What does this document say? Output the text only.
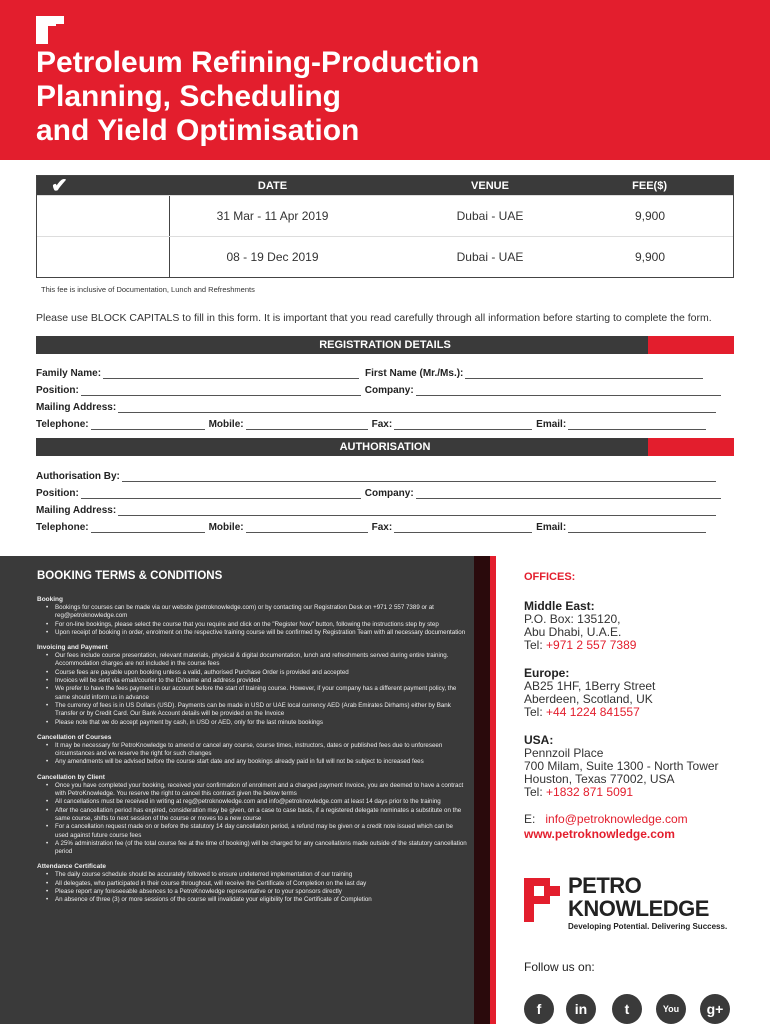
Petroleum Refining-Production
Planning, Scheduling
and Yield Optimisation
✔	DATE	VENUE	FEE($)
31 Mar - 11 Apr 2019	Dubai - UAE	9,900
08 - 19 Dec 2019	Dubai - UAE	9,900
This fee is inclusive of Documentation, Lunch and Refreshments
Please use BLOCK CAPITALS to fill in this form. It is important that you read carefully through all information before starting to complete the form.
REGISTRATION DETAILS
Family Name:	First Name (Mr./Ms.):
Position:	Company:
Mailing Address:
Telephone:	Mobile:	Fax:	Email:
AUTHORISATION
Authorisation By:
Position:	Company:
Mailing Address:
Telephone:	Mobile:	Fax:	Email:
BOOKING TERMS & CONDITIONS
Booking
• Bookings for courses can be made via our website (petroknowledge.com) or by contacting our Registration Desk on +971 2 557 7389 or at reg@petroknowledge.com
• For on-line bookings, please select the course that you require and click on the "Register Now" button, following the instructions step by step
• Upon receipt of booking in order, enrolment on the respective training course will be confirmed by Registration Team with all necessary documentation
Invoicing and Payment
• Our fees include course presentation, relevant materials, physical & digital documentation, lunch and refreshments served during entire training. Accommodation charges are not included in the course fees
• Course fees are payable upon booking unless a valid, authorised Purchase Order is provided and accepted
• Invoices will be sent via email/courier to the ID/name and address provided
• We prefer to have the fees payment in our account before the start of training course. However, if your company has a different payment policy, the same should inform us in advance
• The currency of fees is in US Dollars (USD). Payments can be made in USD or UAE local currency AED (Arab Emirates Dirhams) either by Bank Transfer or by Credit Card. Our Bank Account details will be provided on the Invoice
• Please note that we do accept payment by cash, in USD or AED, only for the last minute bookings
Cancellation of Courses
• It may be necessary for PetroKnowledge to amend or cancel any course, course times, instructors, dates or published fees due to unforeseen circumstances and we reserve the right for such changes
• Any amendments will be advised before the course start date and any bookings already paid in full will not be subject to increased fees
Cancellation by Client
• Once you have completed your booking, received your confirmation of enrolment and a charged payment Invoice, you are deemed to have a contract with PetroKnowledge. You reserve the right to cancel this contract given the below terms
• All cancellations must be received in writing at reg@petroknowledge.com and info@petroknowledge.com at least 14 days prior to the training
• After the cancellation period has expired, consideration may be given, on a case to case basis, if a registered delegate nominates a substitute on the same course, shifts to next session of the course or moves to a new course
• For a cancellation request made on or before the statutory 14 day cancellation period, a refund may be given or a credit note issued which can be used against future course fees
• A 25% administration fee (of the total course fee at the time of booking) will be charged for any cancellations made outside of the statutory cancellation period
Attendance Certificate
• The daily course schedule should be accurately followed to ensure undeterred implementation of our training
• All delegates, who participated in their course throughout, will receive the Certificate of Completion on the last day
• Please report any foreseeable absences to a PetroKnowledge representative or to your sponsors directly
• An absence of three (3) or more sessions of the course will invalidate your eligibility for the Certificate of Completion
OFFICES:
Middle East:
P.O. Box: 135120,
Abu Dhabi, U.A.E.
Tel: +971 2 557 7389
Europe:
AB25 1HF, 1Berry Street
Aberdeen, Scotland, UK
Tel: +44 1224 841557
USA:
Pennzoil Place
700 Milam, Suite 1300 - North Tower
Houston, Texas 77002, USA
Tel: +1832 871 5091
E: info@petroknowledge.com
www.petroknowledge.com
PETRO
KNOWLEDGE
Developing Potential. Delivering Success.
Follow us on:
f	in	t	You	g+
